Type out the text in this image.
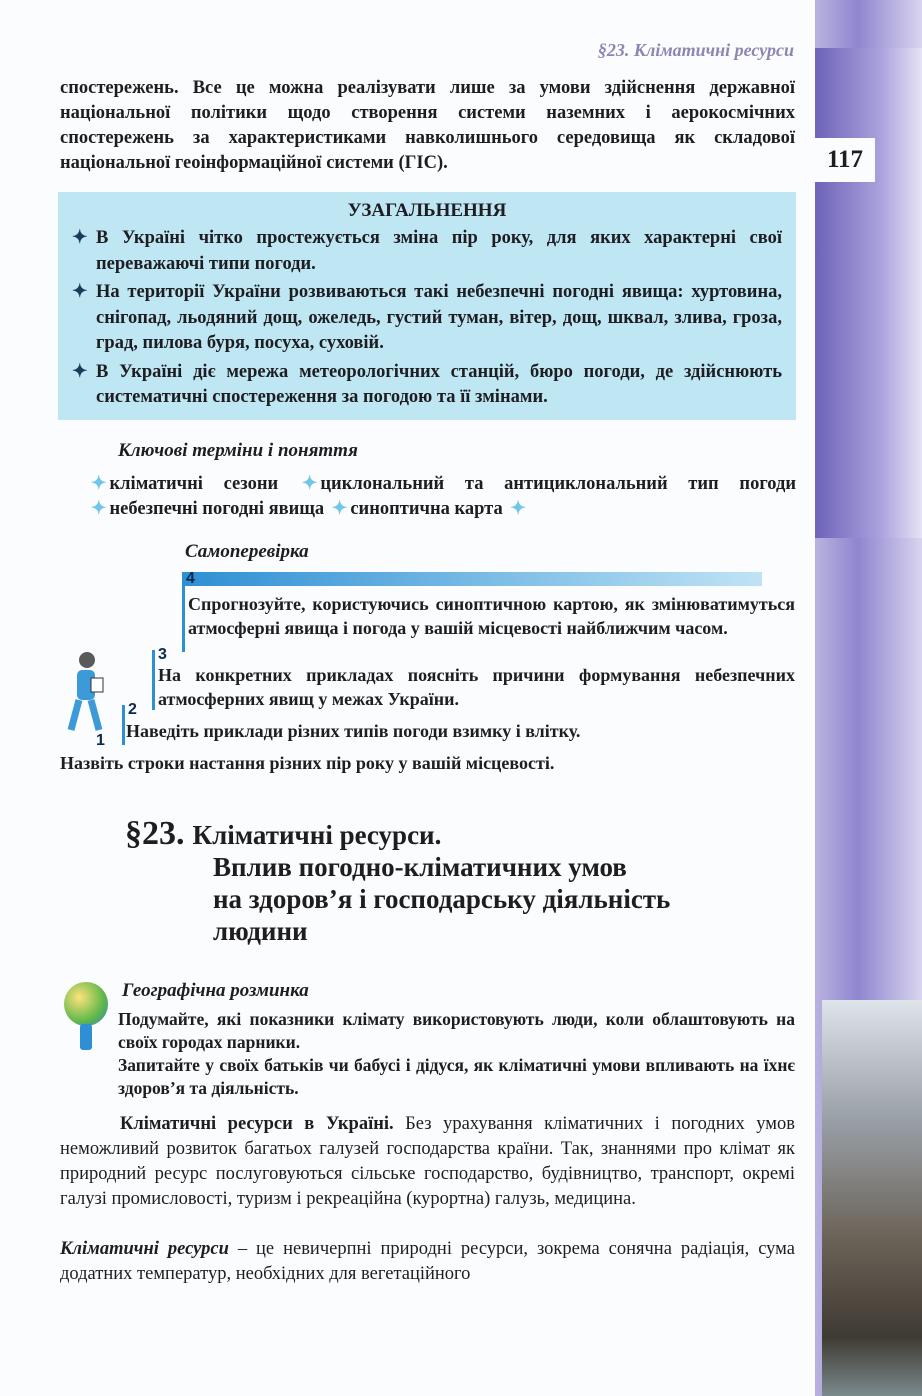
117
§23. Кліматичні ресурси
спостережень. Все це можна реалізувати лише за умови здійснення державної національної політики щодо створення системи наземних і аерокосмічних спостережень за характеристиками навколишнього середовища як складової національної геоінформаційної системи (ГІС).
УЗАГАЛЬНЕННЯ
✦ В Україні чітко простежується зміна пір року, для яких характерні свої переважаючі типи погоди.
✦ На території України розвиваються такі небезпечні погодні явища: хуртовина, снігопад, льодяний дощ, ожеледь, густий туман, вітер, дощ, шквал, злива, гроза, град, пилова буря, посуха, суховій.
✦ В Україні діє мережа метеорологічних станцій, бюро погоди, де здійснюють систематичні спостереження за погодою та її змінами.
Ключові терміни і поняття
✦ кліматичні сезони ✦ циклональний та антициклональний тип погоди ✦ небезпечні погодні явища ✦ синоптична карта ✦
Самоперевірка
4
3
2
1
Спрогнозуйте, користуючись синоптичною картою, як змінюватимуться атмосферні явища і погода у вашій місцевості найближчим часом.
На конкретних прикладах поясніть причини формування небезпечних атмосферних явищ у межах України.
Наведіть приклади різних типів погоди взимку і влітку.
Назвіть строки настання різних пір року у вашій місцевості.
§23. Кліматичні ресурси.
Вплив погодно-кліматичних умов
на здоров’я і господарську діяльність
людини
Географічна розминка
Подумайте, які показники клімату використовують люди, коли облаштовують на своїх городах парники.
Запитайте у своїх батьків чи бабусі і дідуся, як кліматичні умови впливають на їхнє здоров’я та діяльність.
Кліматичні ресурси в Україні. Без урахування кліматичних і погодних умов неможливий розвиток багатьох галузей господарства країни. Так, знаннями про клімат як природний ресурс послуговуються сільське господарство, будівництво, транспорт, окремі галузі промисловості, туризм і рекреаційна (курортна) галузь, медицина.
Кліматичні ресурси – це невичерпні природні ресурси, зокрема сонячна радіація, сума додатних температур, необхідних для вегетаційного
